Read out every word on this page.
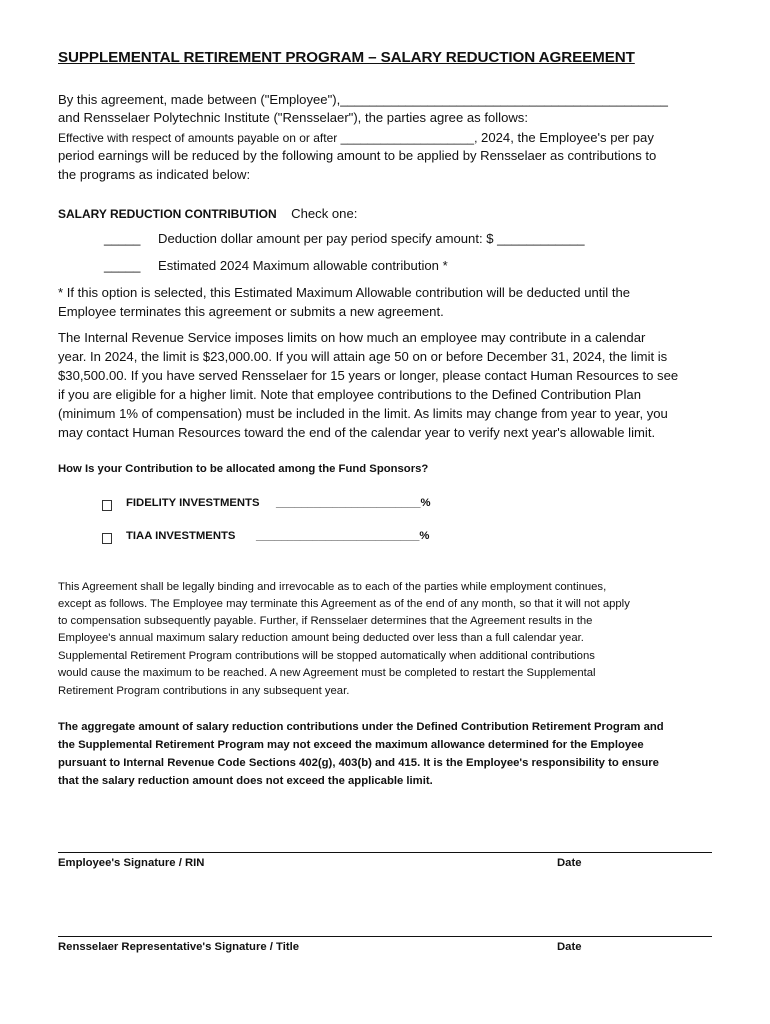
SUPPLEMENTAL RETIREMENT PROGRAM – SALARY REDUCTION AGREEMENT
By this agreement, made between ("Employee"),_____________________________________________
and Rensselaer Polytechnic Institute ("Rensselaer"), the parties agree as follows:
Effective with respect of amounts payable on or after ____________________, 2024, the Employee's per pay
period earnings will be reduced by the following amount to be applied by Rensselaer as contributions to
the programs as indicated below:
SALARY REDUCTION CONTRIBUTION Check one:
_____ Deduction dollar amount per pay period specify amount: $ ____________
_____ Estimated 2024 Maximum allowable contribution *
* If this option is selected, this Estimated Maximum Allowable contribution will be deducted until the
Employee terminates this agreement or submits a new agreement.
The Internal Revenue Service imposes limits on how much an employee may contribute in a calendar
year. In 2024, the limit is $23,000.00. If you will attain age 50 on or before December 31, 2024, the limit is
$30,500.00. If you have served Rensselaer for 15 years or longer, please contact Human Resources to see
if you are eligible for a higher limit. Note that employee contributions to the Defined Contribution Plan
(minimum 1% of compensation) must be included in the limit. As limits may change from year to year, you
may contact Human Resources toward the end of the calendar year to verify next year's allowable limit.
How Is your Contribution to be allocated among the Fund Sponsors?
FIDELITY INVESTMENTS _______________________%
TIAA INVESTMENTS __________________________%
This Agreement shall be legally binding and irrevocable as to each of the parties while employment continues,
except as follows. The Employee may terminate this Agreement as of the end of any month, so that it will not apply
to compensation subsequently payable. Further, if Rensselaer determines that the Agreement results in the
Employee's annual maximum salary reduction amount being deducted over less than a full calendar year.
Supplemental Retirement Program contributions will be stopped automatically when additional contributions
would cause the maximum to be reached. A new Agreement must be completed to restart the Supplemental
Retirement Program contributions in any subsequent year.
The aggregate amount of salary reduction contributions under the Defined Contribution Retirement Program and
the Supplemental Retirement Program may not exceed the maximum allowance determined for the Employee
pursuant to Internal Revenue Code Sections 402(g), 403(b) and 415. It is the Employee's responsibility to ensure
that the salary reduction amount does not exceed the applicable limit.
Employee's Signature / RIN	Date
Rensselaer Representative's Signature / Title	Date
